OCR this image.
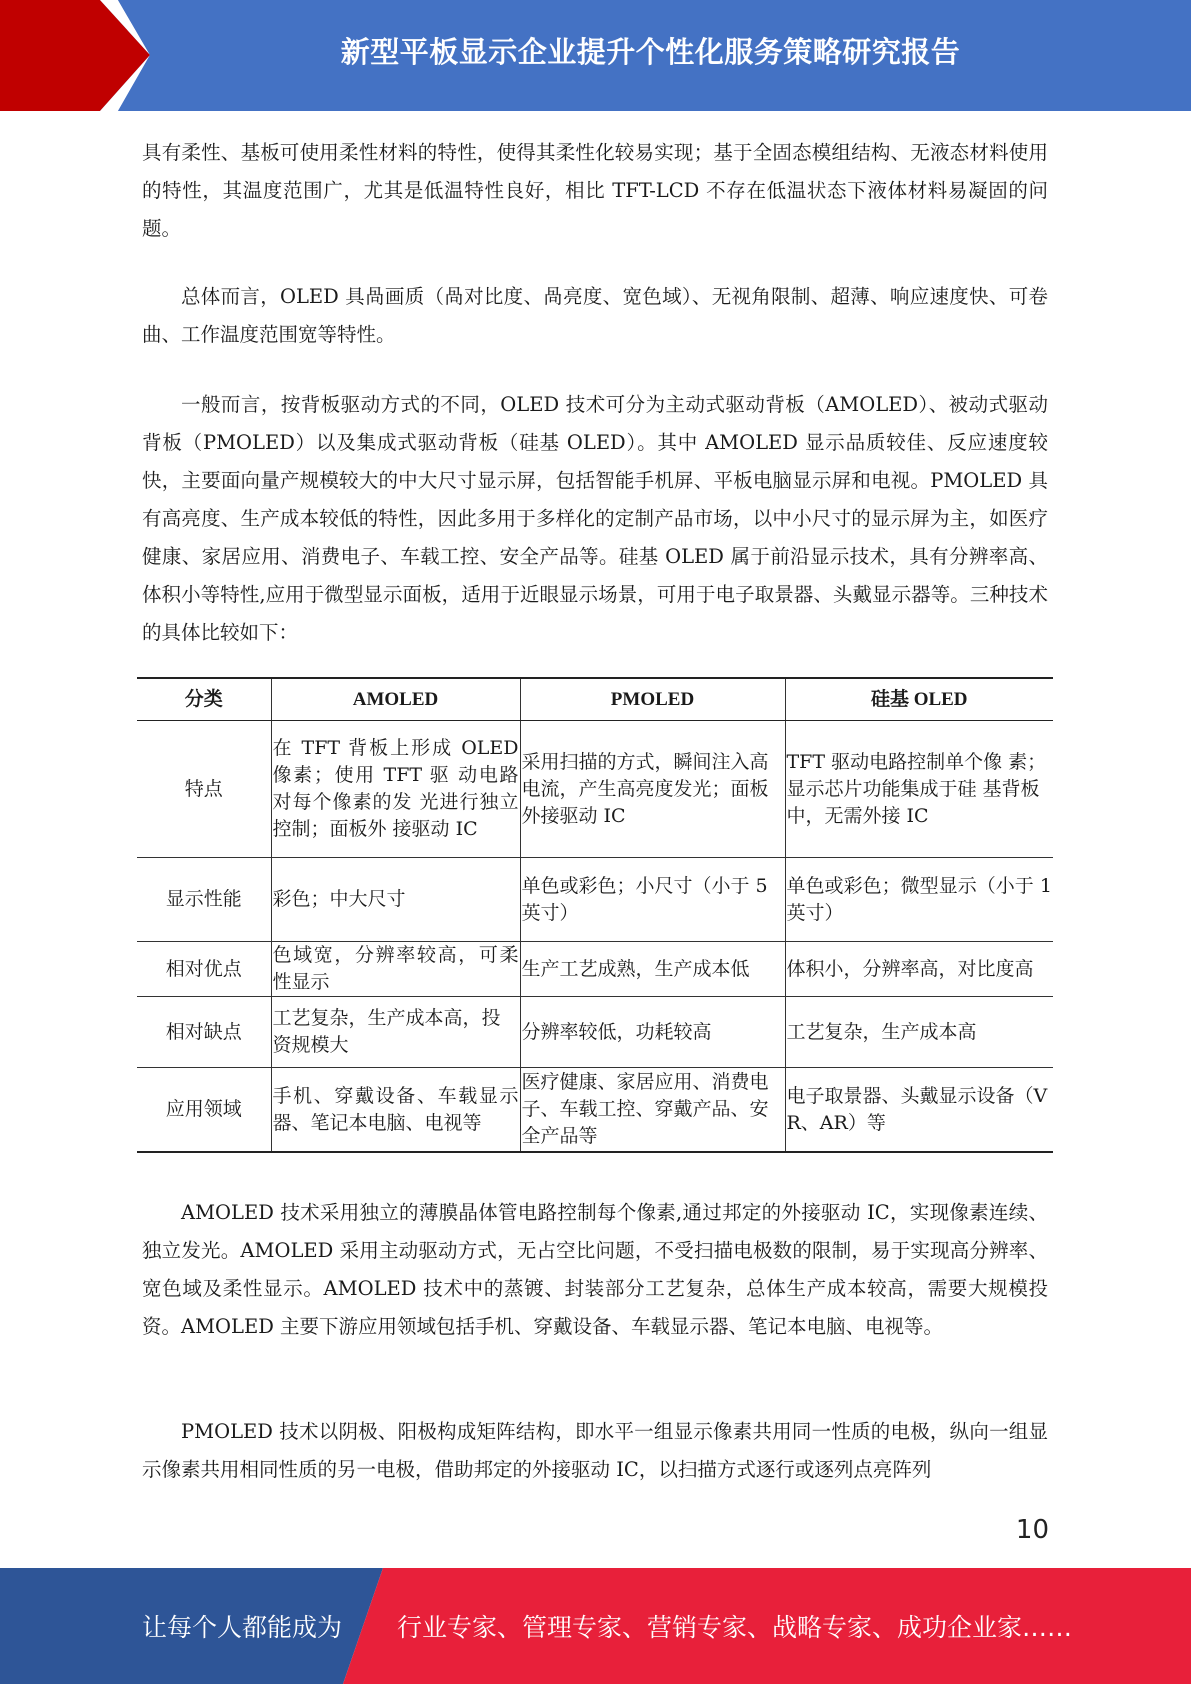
新型平板显示企业提升个性化服务策略研究报告

具有柔性、基板可使用柔性材料的特性，使得其柔性化较易实现；基于全固态模组结构、无液态材料使用的特性，其温度范围广，尤其是低温特性良好，相比 TFT-LCD 不存在低温状态下液体材料易凝固的问题。

总体而言，OLED 具咼画质（咼对比度、咼亮度、宽色域）、无视角限制、超薄、响应速度快、可卷曲、工作温度范围宽等特性。

一般而言，按背板驱动方式的不同，OLED 技术可分为主动式驱动背板（AMOLED）、被动式驱动背板（PMOLED）以及集成式驱动背板（硅基 OLED）。其中 AMOLED 显示品质较佳、反应速度较快，主要面向量产规模较大的中大尺寸显示屏，包括智能手机屏、平板电脑显示屏和电视。PMOLED 具有高亮度、生产成本较低的特性，因此多用于多样化的定制产品市场，以中小尺寸的显示屏为主，如医疗健康、家居应用、消费电子、车载工控、安全产品等。硅基 OLED 属于前沿显示技术，具有分辨率高、体积小等特性,应用于微型显示面板，适用于近眼显示场景，可用于电子取景器、头戴显示器等。三种技术的具体比较如下：

分类	AMOLED	PMOLED	硅基 OLED
特点	在 TFT 背板上形成 OLED 像素；使用 TFT 驱 动电路对每个像素的发 光进行独立控制；面板外 接驱动 IC	采用扫描的方式，瞬间注入高电流，产生高亮度发光；面板外接驱动 IC	TFT 驱动电路控制单个像 素；显示芯片功能集成于硅 基背板中，无需外接 IC
显示性能	彩色；中大尺寸	单色或彩色；小尺寸（小于 5 英寸）	单色或彩色；微型显示（小于 1 英寸）
相对优点	色域宽，分辨率较高，可柔性显示	生产工艺成熟，生产成本低	体积小，分辨率高，对比度高
相对缺点	工艺复杂，生产成本高，投资规模大	分辨率较低，功耗较高	工艺复杂，生产成本高
应用领域	手机、穿戴设备、车载显示器、笔记本电脑、电视等	医疗健康、家居应用、消费电子、车载工控、穿戴产品、安全产品等	电子取景器、头戴显示设备（VR、AR）等

AMOLED 技术采用独立的薄膜晶体管电路控制每个像素,通过邦定的外接驱动 IC，实现像素连续、独立发光。AMOLED 采用主动驱动方式，无占空比问题，不受扫描电极数的限制，易于实现高分辨率、宽色域及柔性显示。AMOLED 技术中的蒸镀、封装部分工艺复杂，总体生产成本较高，需要大规模投资。AMOLED 主要下游应用领域包括手机、穿戴设备、车载显示器、笔记本电脑、电视等。

PMOLED 技术以阴极、阳极构成矩阵结构，即水平一组显示像素共用同一性质的电极，纵向一组显示像素共用相同性质的另一电极，借助邦定的外接驱动 IC，以扫描方式逐行或逐列点亮阵列

10
让每个人都能成为 行业专家、管理专家、营销专家、战略专家、成功企业家……
